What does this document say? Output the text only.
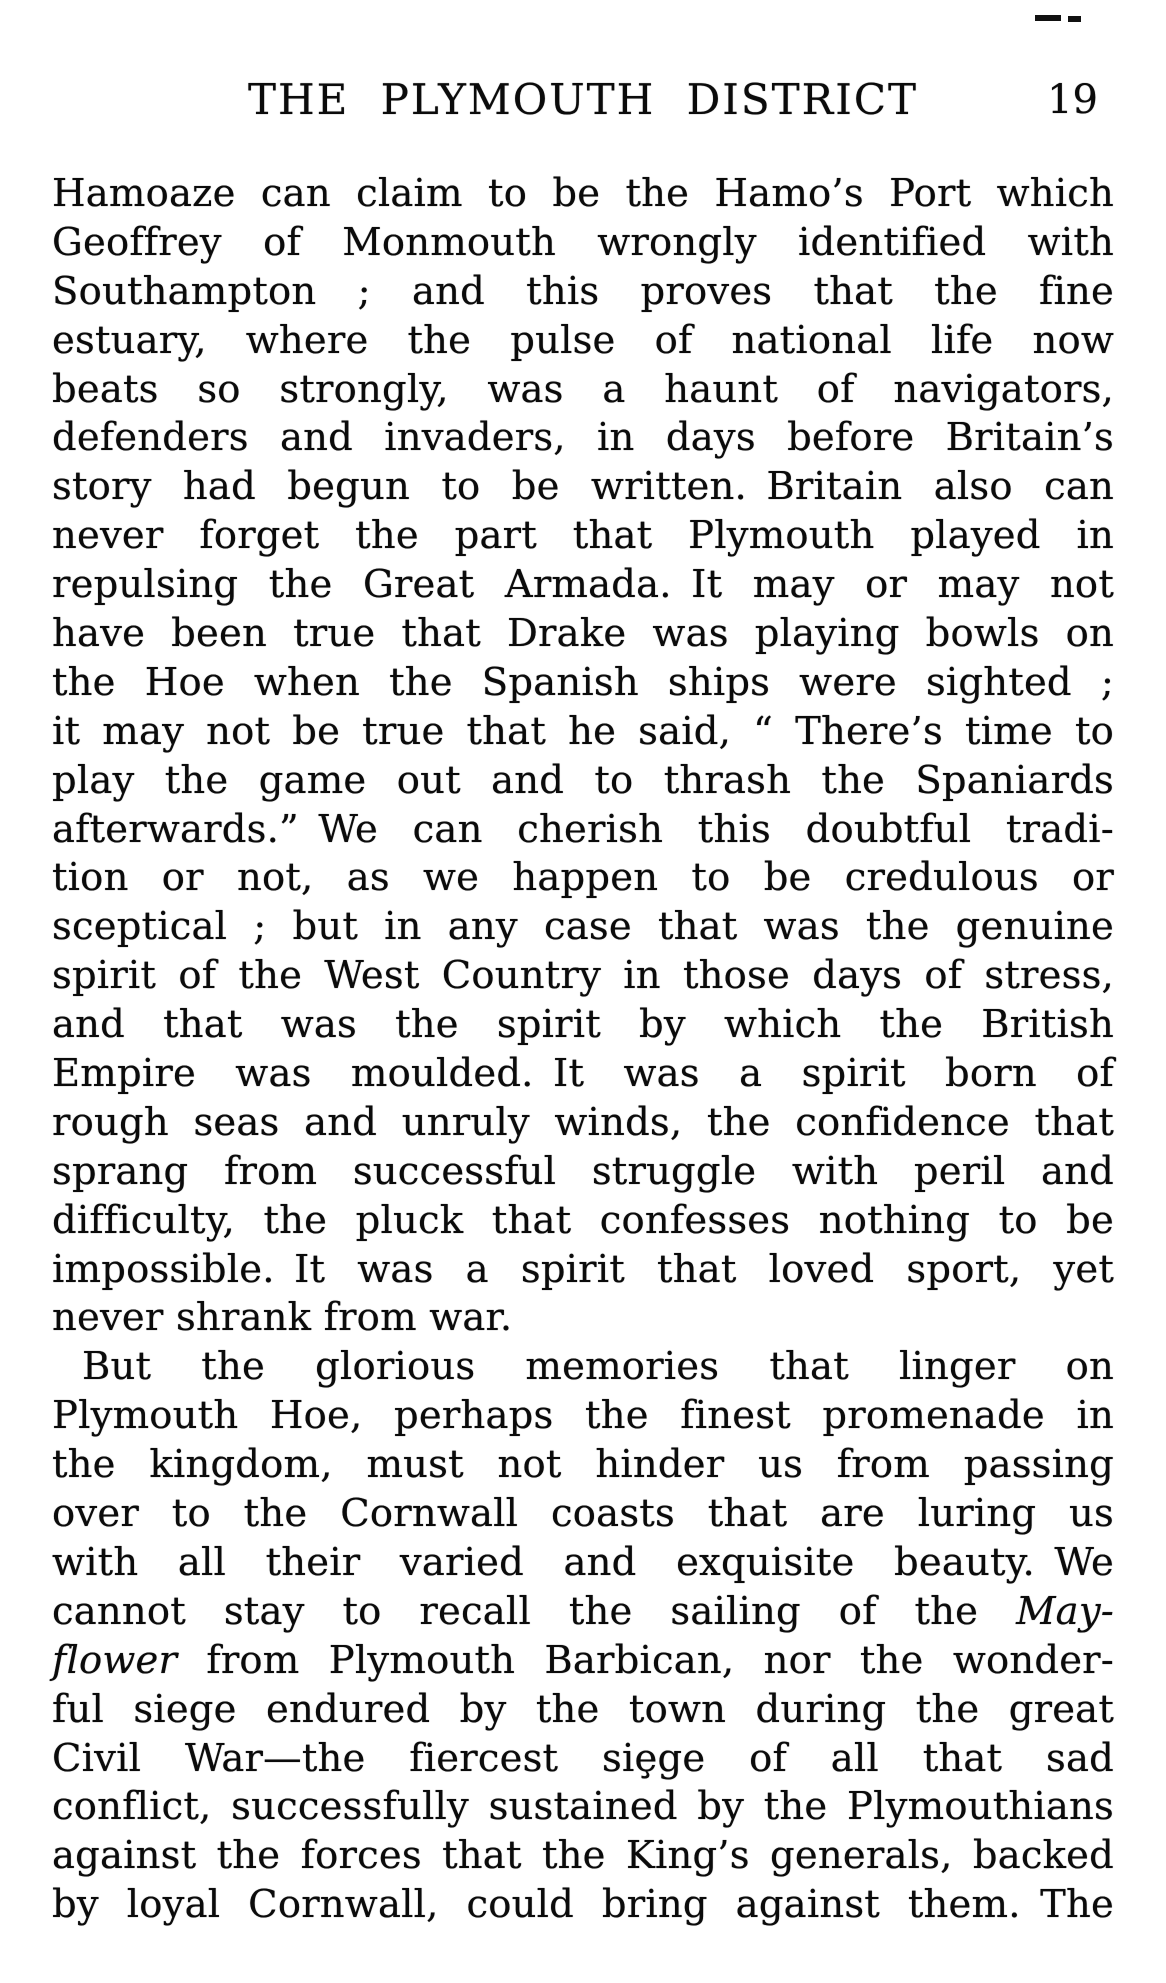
THE PLYMOUTH DISTRICT	19
Hamoaze can claim to be the Hamo’s Port which
Geoffrey of Monmouth wrongly identified with
Southampton ; and this proves that the fine
estuary, where the pulse of national life now
beats so strongly, was a haunt of navigators,
defenders and invaders, in days before Britain’s
story had begun to be written. Britain also can
never forget the part that Plymouth played in
repulsing the Great Armada. It may or may not
have been true that Drake was playing bowls on
the Hoe when the Spanish ships were sighted ;
it may not be true that he said, “ There’s time to
play the game out and to thrash the Spaniards
afterwards.” We can cherish this doubtful tradi-
tion or not, as we happen to be credulous or
sceptical ; but in any case that was the genuine
spirit of the West Country in those days of stress,
and that was the spirit by which the British
Empire was moulded. It was a spirit born of
rough seas and unruly winds, the confidence that
sprang from successful struggle with peril and
difficulty, the pluck that confesses nothing to be
impossible. It was a spirit that loved sport, yet
never shrank from war.
But the glorious memories that linger on
Plymouth Hoe, perhaps the finest promenade in
the kingdom, must not hinder us from passing
over to the Cornwall coasts that are luring us
with all their varied and exquisite beauty. We
cannot stay to recall the sailing of the May-
flower from Plymouth Barbican, nor the wonder-
ful siege endured by the town during the great
Civil War—the fiercest siȩge of all that sad
conflict, successfully sustained by the Plymouthians
against the forces that the King’s generals, backed
by loyal Cornwall, could bring against them. The
